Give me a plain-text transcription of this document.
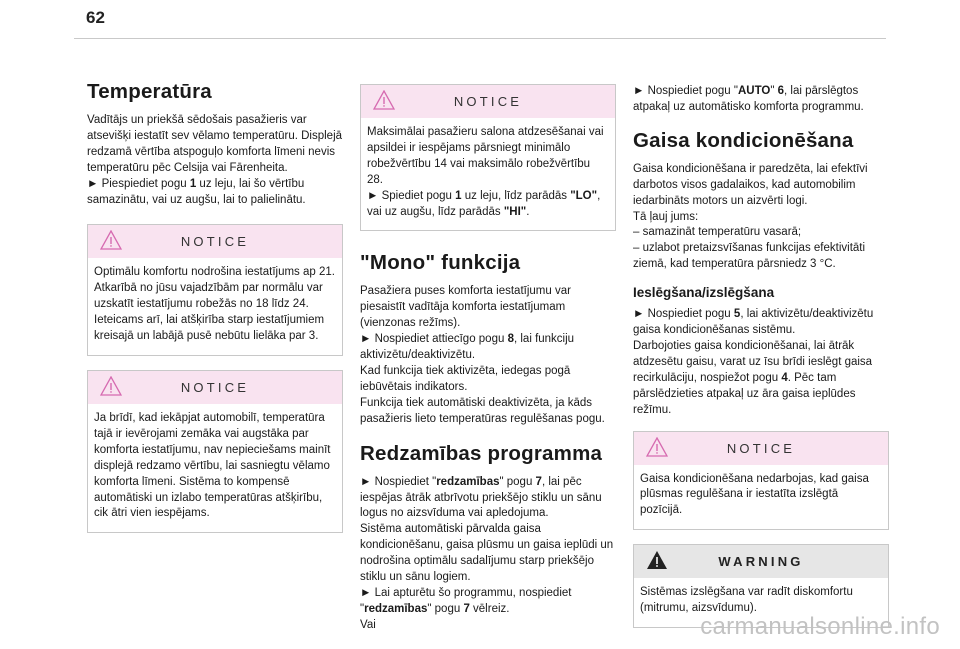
62
Temperatūra

Vadītājs un priekšā sēdošais pasažieris var atsevišķi iestatīt sev vēlamo temperatūru. Displejā redzamā vērtība atspoguļo komforta līmeni nevis temperatūru pēc Celsija vai Fārenheita.
► Piespiediet pogu 1 uz leju, lai šo vērtību samazinātu, vai uz augšu, lai to palielinātu.

NOTICE

Optimālu komfortu nodrošina iestatījums ap 21. Atkarībā no jūsu vajadzībām par normālu var uzskatīt iestatījumu robežās no 18 līdz 24. Ieteicams arī, lai atšķirība starp iestatījumiem kreisajā un labājā pusē nebūtu lielāka par 3.

NOTICE

Ja brīdī, kad iekāpjat automobilī, temperatūra tajā ir ievērojami zemāka vai augstāka par komforta iestatījumu, nav nepieciešams mainīt displejā redzamo vērtību, lai sasniegtu vēlamo komforta līmeni. Sistēma to kompensē automātiski un izlabo temperatūras atšķirību, cik ātri vien iespējams.

NOTICE

Maksimālai pasažieru salona atdzesēšanai vai apsildei ir iespējams pārsniegt minimālo robežvērtību 14 vai maksimālo robežvērtību 28.
► Spiediet pogu 1 uz leju, līdz parādās "LO", vai uz augšu, līdz parādās "HI".

"Mono" funkcija

Pasažiera puses komforta iestatījumu var piesaistīt vadītāja komforta iestatījumam (vienzonas režīms).
► Nospiediet attiecīgo pogu 8, lai funkciju aktivizētu/deaktivizētu.
Kad funkcija tiek aktivizēta, iedegas pogā iebūvētais indikators.
Funkcija tiek automātiski deaktivizēta, ja kāds pasažieris lieto temperatūras regulēšanas pogu.

Redzamības programma

► Nospiediet "redzamības" pogu 7, lai pēc iespējas ātrāk atbrīvotu priekšējo stiklu un sānu logus no aizsvīduma vai apledojuma.
Sistēma automātiski pārvalda gaisa kondicionēšanu, gaisa plūsmu un gaisa ieplūdi un nodrošina optimālu sadalījumu starp priekšējo stiklu un sānu logiem.
► Lai apturētu šo programmu, nospiediet "redzamības" pogu 7 vēlreiz.
Vai

► Nospiediet pogu "AUTO" 6, lai pārslēgtos atpakaļ uz automātisko komforta programmu.

Gaisa kondicionēšana

Gaisa kondicionēšana ir paredzēta, lai efektīvi darbotos visos gadalaikos, kad automobilim iedarbināts motors un aizvērti logi.
Tā ļauj jums:
– samazināt temperatūru vasarā;
– uzlabot pretaizsvīšanas funkcijas efektivitāti ziemā, kad temperatūra pārsniedz 3 °C.

Ieslēgšana/izslēgšana

► Nospiediet pogu 5, lai aktivizētu/deaktivizētu gaisa kondicionēšanas sistēmu.
Darbojoties gaisa kondicionēšanai, lai ātrāk atdzesētu gaisu, varat uz īsu brīdi ieslēgt gaisa recirkulāciju, nospiežot pogu 4. Pēc tam pārslēdzieties atpakaļ uz āra gaisa ieplūdes režīmu.

NOTICE

Gaisa kondicionēšana nedarbojas, kad gaisa plūsmas regulēšana ir iestatīta izslēgtā pozīcijā.

WARNING

Sistēmas izslēgšana var radīt diskomfortu (mitrumu, aizsvīdumu).

carmanualsonline.info
